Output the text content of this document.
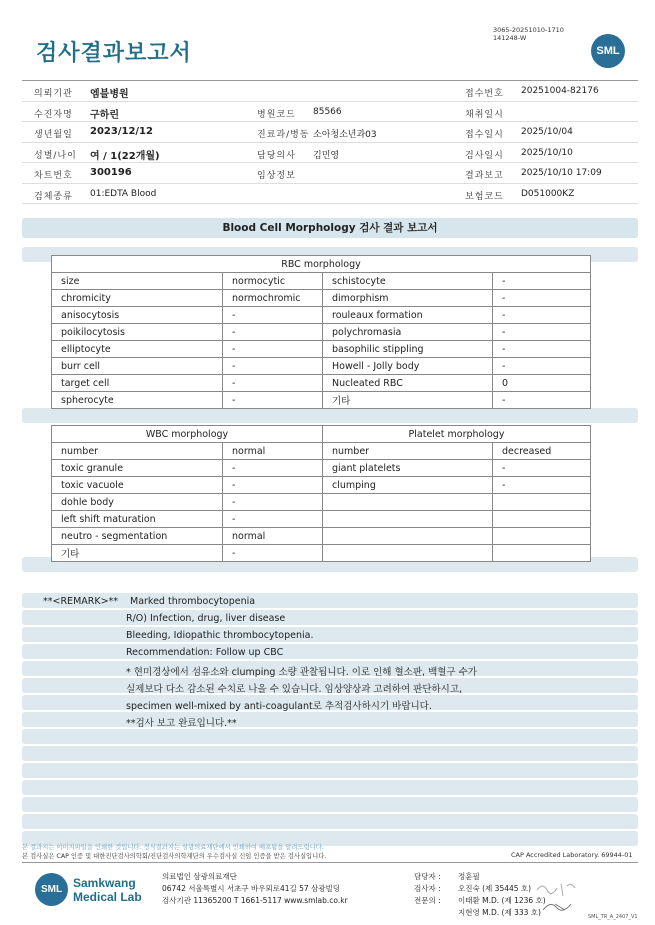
3065-20251010-1710
141248-W
검사결과보고서	SML
의뢰기관 엠블병원	접수번호 20251004-82176
수진자명 구하린	병원코드 85566	채취일시
생년월일 2023/12/12	진료과/병동 소아청소년과03	접수일시 2025/10/04
성별/나이 여 / 1(22개월)	담당의사 김민영	검사일시 2025/10/10
차트번호 300196	임상정보	결과보고 2025/10/10 17:09
검체종류 01:EDTA Blood	보험코드 D051000KZ
Blood Cell Morphology 검사 결과 보고서
RBC morphology			
size	normocytic	schistocyte	-
chromicity	normochromic	dimorphism	-
anisocytosis	-	rouleaux formation	-
poikilocytosis	-	polychromasia	-
elliptocyte	-	basophilic stippling	-
burr cell	-	Howell - Jolly body	-
target cell	-	Nucleated RBC	0
spherocyte	-	기타	-
WBC morphology		Platelet morphology	
number	normal	number	decreased
toxic granule	-	giant platelets	-
toxic vacuole	-	clumping	-
dohle body	-		
left shift maturation	-		
neutro - segmentation	normal		
기타	-		
**<REMARK>** Marked thrombocytopenia
R/O) Infection, drug, liver disease
Bleeding, Idiopathic thrombocytopenia.
Recommendation: Follow up CBC
* 현미경상에서 섬유소와 clumping 소량 관찰됩니다. 이로 인해 혈소판, 백혈구 수가
실제보다 다소 감소된 수치로 나올 수 있습니다. 임상양상과 고려하여 판단하시고,
specimen well-mixed by anti-coagulant로 추적검사하시기 바랍니다.
**검사 보고 완료입니다.**
본 결과지는 이미지파일을 인쇄한 것입니다. 정식결과지는 삼광의료재단에서 인쇄하여 배포됨을 알려드립니다.
본 검사실은 CAP 인증 및 대한진단검사의학회/진단검사의학재단의 우수검사실 신임 인증을 받은 검사실입니다.	CAP Accredited Laboratory. 69944-01
SML Samkwang
Medical Lab
의료법인 삼광의료재단
06742 서울특별시 서초구 바우뫼로41길 57 삼광빌딩
검사기관 11365200 T 1661-5117 www.smlab.co.kr
담당자 : 정훈필
검사자 : 오진숙 (제 35445 호)
전문의 : 이태환 M.D. (제 1236 호)
지현영 M.D. (제 333 호)	SML_TR_A_2407_V1
